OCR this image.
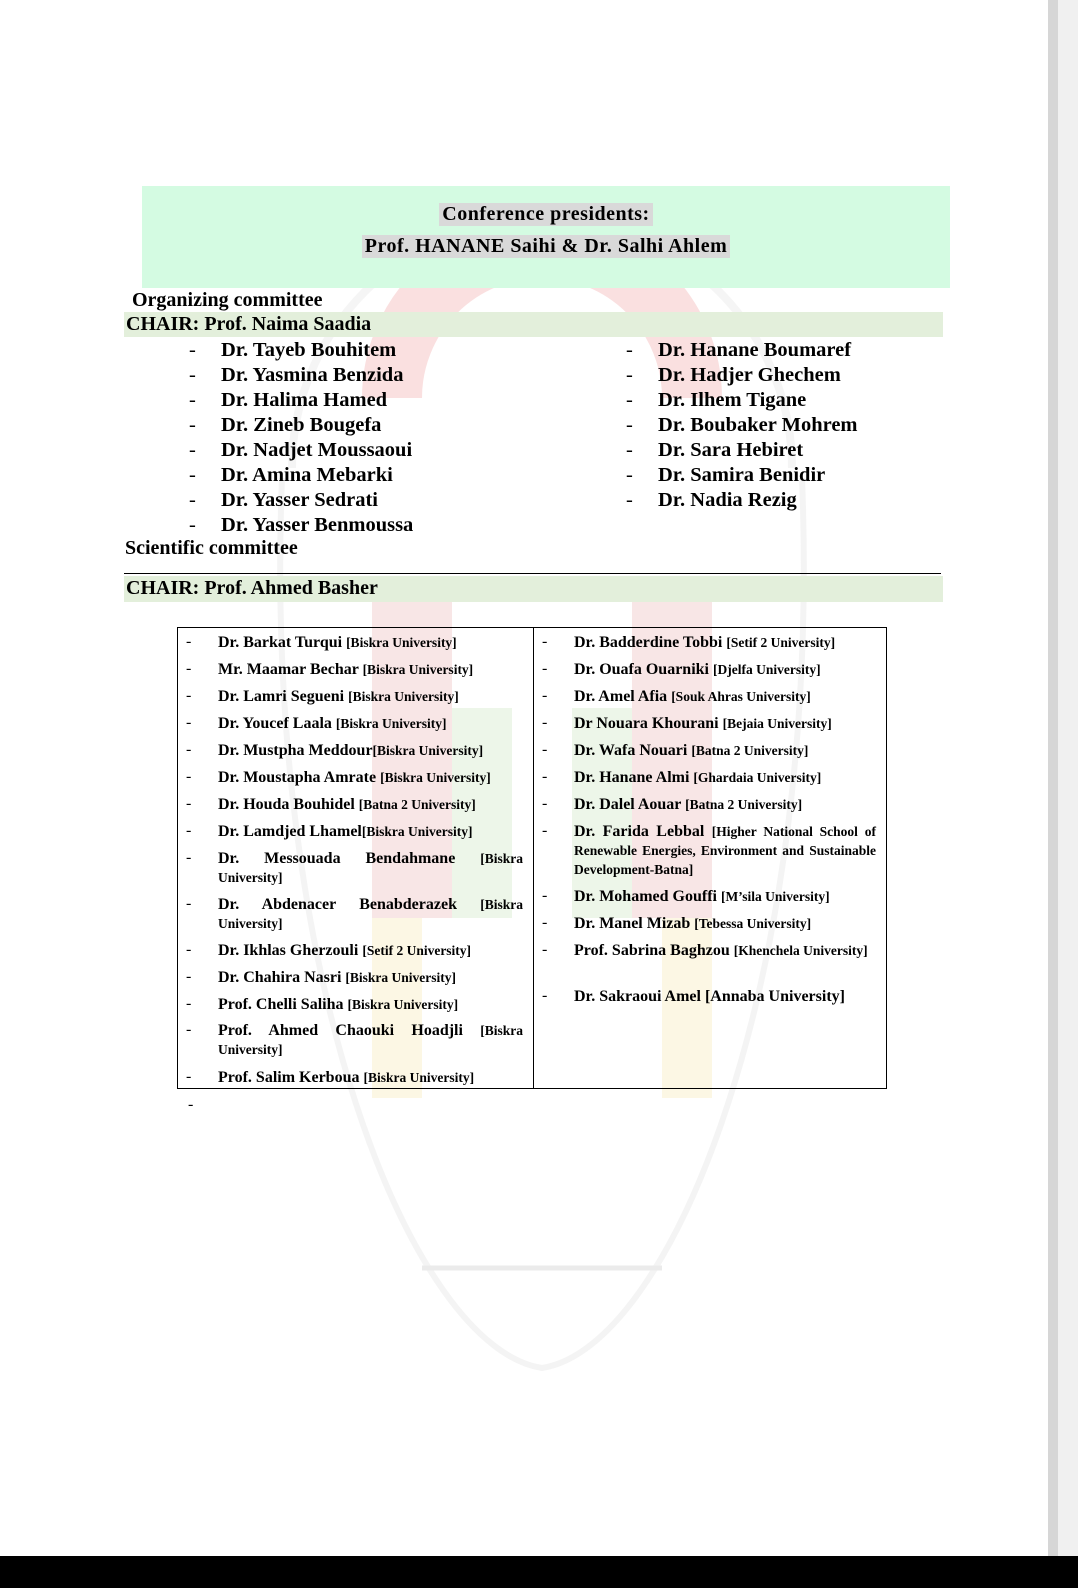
Conference presidents:
Prof. HANANE Saihi & Dr. Salhi Ahlem
Organizing committee
CHAIR: Prof. Naima Saadia
- Dr. Tayeb Bouhitem
- Dr. Yasmina Benzida
- Dr. Halima Hamed
- Dr. Zineb Bougefa
- Dr. Nadjet Moussaoui
- Dr. Amina Mebarki
- Dr. Yasser Sedrati
- Dr. Yasser Benmoussa
- Dr. Hanane Boumaref
- Dr. Hadjer Ghechem
- Dr. Ilhem Tigane
- Dr. Boubaker Mohrem
- Dr. Sara Hebiret
- Dr. Samira Benidir
- Dr. Nadia Rezig
Scientific committee
CHAIR: Prof. Ahmed Basher
- Dr. Barkat Turqui [Biskra University]
- Mr. Maamar Bechar [Biskra University]
- Dr. Lamri Segueni [Biskra University]
- Dr. Youcef Laala [Biskra University]
- Dr. Mustpha Meddour[Biskra University]
- Dr. Moustapha Amrate [Biskra University]
- Dr. Houda Bouhidel [Batna 2 University]
- Dr. Lamdjed Lhamel[Biskra University]
- Dr. Messouada Bendahmane [Biskra University]
- Dr. Abdenacer Benabderazek [Biskra University]
- Dr. Ikhlas Gherzouli [Setif 2 University]
- Dr. Chahira Nasri [Biskra University]
- Prof. Chelli Saliha [Biskra University]
- Prof. Ahmed Chaouki Hoadjli [Biskra University]
- Prof. Salim Kerboua [Biskra University]
- Dr. Badderdine Tobbi [Setif 2 University]
- Dr. Ouafa Ouarniki [Djelfa University]
- Dr. Amel Afia [Souk Ahras University]
- Dr Nouara Khourani [Bejaia University]
- Dr. Wafa Nouari [Batna 2 University]
- Dr. Hanane Almi [Ghardaia University]
- Dr. Dalel Aouar [Batna 2 University]
- Dr. Farida Lebbal [Higher National School of Renewable Energies, Environment and Sustainable Development-Batna]
- Dr. Mohamed Gouffi [M’sila University]
- Dr. Manel Mizab [Tebessa University]
- Prof. Sabrina Baghzou [Khenchela University]
- Dr. Sakraoui Amel [Annaba University]
-
